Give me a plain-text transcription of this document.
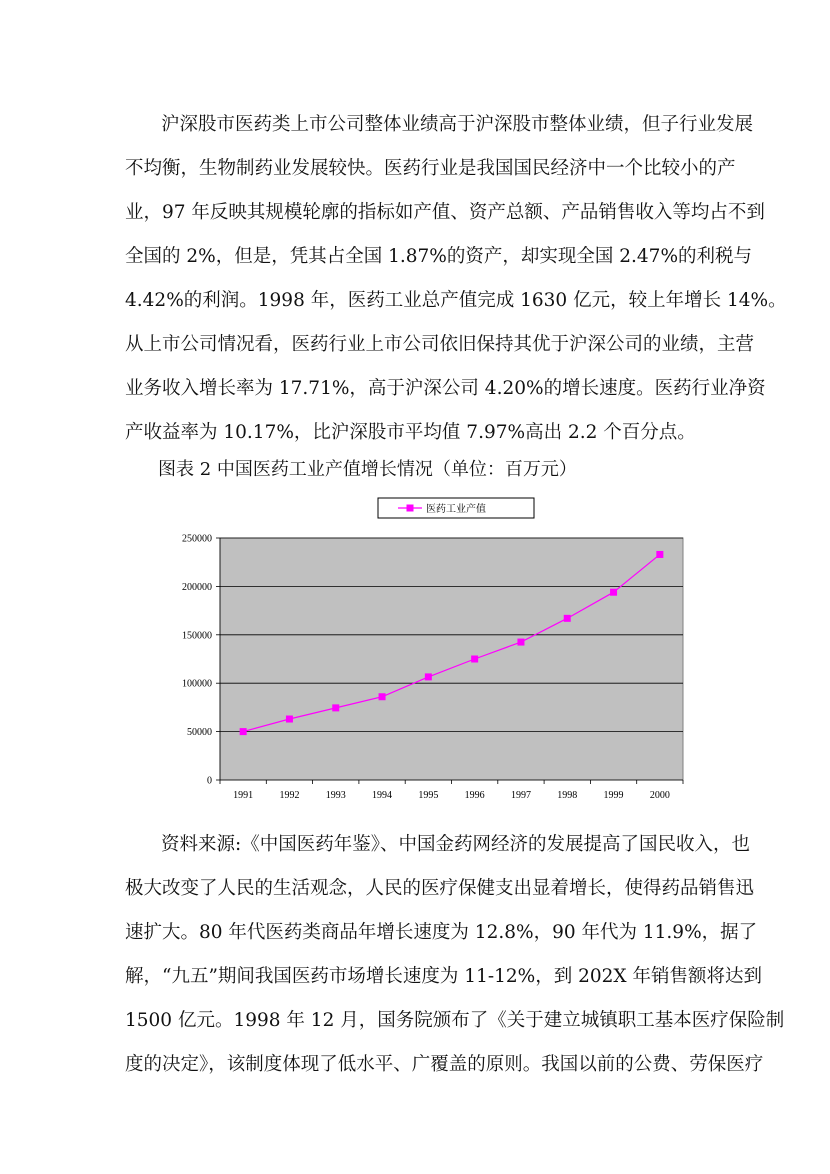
沪深股市医药类上市公司整体业绩高于沪深股市整体业绩，但子行业发展
不均衡，生物制药业发展较快。医药行业是我国国民经济中一个比较小的产
业，97 年反映其规模轮廓的指标如产值、资产总额、产品销售收入等均占不到
全国的 2%，但是，凭其占全国 1.87%的资产，却实现全国 2.47%的利税与
4.42%的利润。1998 年，医药工业总产值完成 1630 亿元，较上年增长 14%。
从上市公司情况看，医药行业上市公司依旧保持其优于沪深公司的业绩，主营
业务收入增长率为 17.71%，高于沪深公司 4.20%的增长速度。医药行业净资
产收益率为 10.17%，比沪深股市平均值 7.97%高出 2.2 个百分点。
图表 2 中国医药工业产值增长情况（单位：百万元）
医药工业产值
0
50000
100000
150000
200000
250000
1991	1992	1993	1994	1995	1996	1997	1998	1999	2000
资料来源:《中国医药年鉴》、中国金药网经济的发展提高了国民收入，也
极大改变了人民的生活观念，人民的医疗保健支出显着增长，使得药品销售迅
速扩大。80 年代医药类商品年增长速度为 12.8%，90 年代为 11.9%，据了
解，“九五”期间我国医药市场增长速度为 11-12%，到 202X 年销售额将达到
1500 亿元。1998 年 12 月，国务院颁布了《关于建立城镇职工基本医疗保险制
度的决定》，该制度体现了低水平、广覆盖的原则。我国以前的公费、劳保医疗
